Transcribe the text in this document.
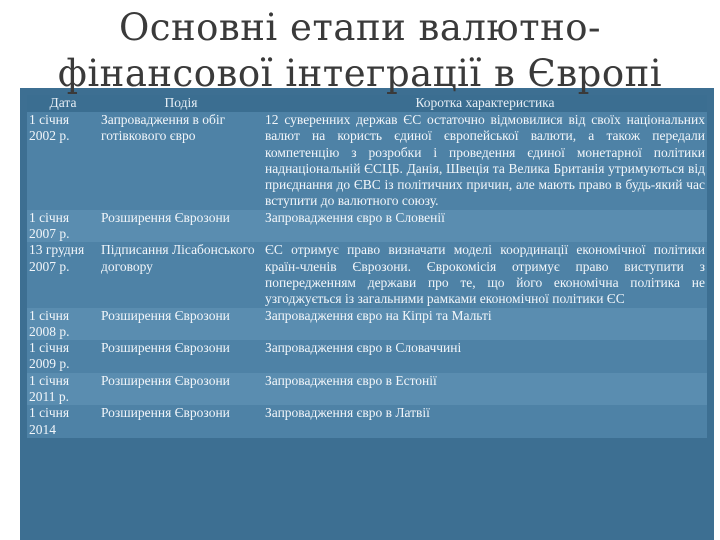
Основні етапи валютно-
фінансової інтеграції в Європі
Дата	Подія	Коротка характеристика
1 січня 2002 р.	Запровадження в обіг готівкового євро	12 суверенних держав ЄС остаточно відмовилися від своїх національних валют на користь єдиної європейської валюти, а також передали компетенцію з розробки і проведення єдиної монетарної політики наднаціональній ЄСЦБ. Данія, Швеція та Велика Британія утримуються від приєднання до ЄВС із політичних причин, але мають право в будь-який час вступити до валютного союзу.
1 січня 2007 р.	Розширення Єврозони	Запровадження євро в Словенії
13 грудня 2007 р.	Підписання Лісабонського договору	ЄС отримує право визначати моделі координації економічної політики країн-членів Єврозони. Єврокомісія отримує право виступити з попередженням держави про те, що його економічна політика не узгоджується із загальними рамками економічної політики ЄС
1 січня 2008 р.	Розширення Єврозони	Запровадження євро на Кіпрі та Мальті
1 січня 2009 р.	Розширення Єврозони	Запровадження євро в Словаччині
1 січня 2011 р.	Розширення Єврозони	Запровадження євро в Естонії
1 січня 2014	Розширення Єврозони	Запровадження євро в Латвії
